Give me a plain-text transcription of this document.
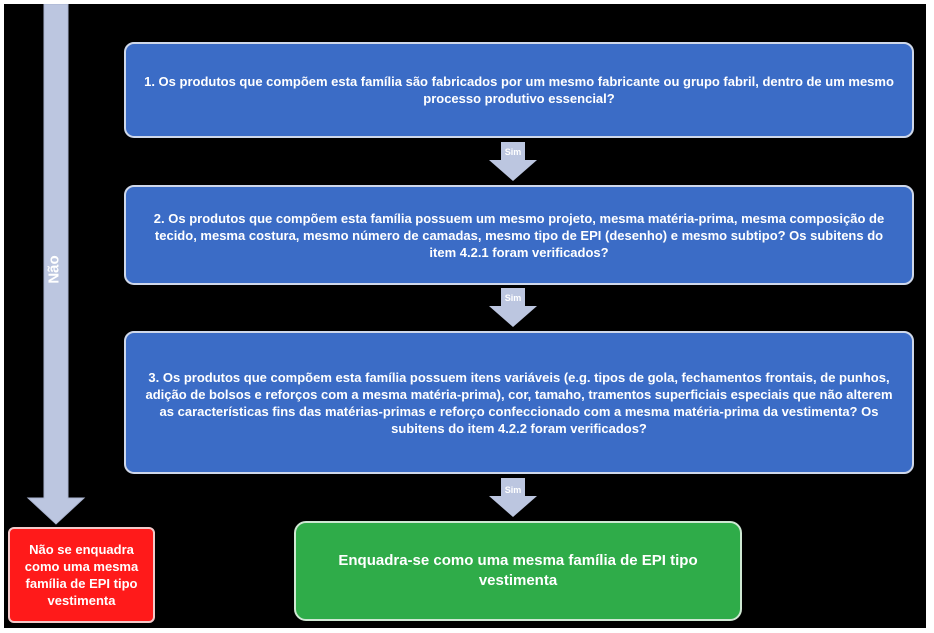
Não
1. Os produtos que compõem esta família são fabricados por um mesmo fabricante ou grupo fabril, dentro de um mesmo processo produtivo essencial?
Sim
2. Os produtos que compõem esta família possuem um mesmo projeto, mesma matéria-prima, mesma composição de tecido, mesma costura, mesmo número de camadas, mesmo tipo de EPI (desenho) e mesmo subtipo? Os subitens do item 4.2.1 foram verificados?
Sim
3. Os produtos que compõem esta família possuem itens variáveis (e.g. tipos de gola, fechamentos frontais, de punhos, adição de bolsos e reforços com a mesma matéria-prima), cor, tamaho, tramentos superficiais especiais que não alterem as características fins das matérias-primas e reforço confeccionado com a mesma matéria-prima da vestimenta? Os subitens do item 4.2.2 foram verificados?
Sim
Não se enquadra como uma mesma família de EPI tipo vestimenta
Enquadra-se como uma mesma família de EPI tipo vestimenta
